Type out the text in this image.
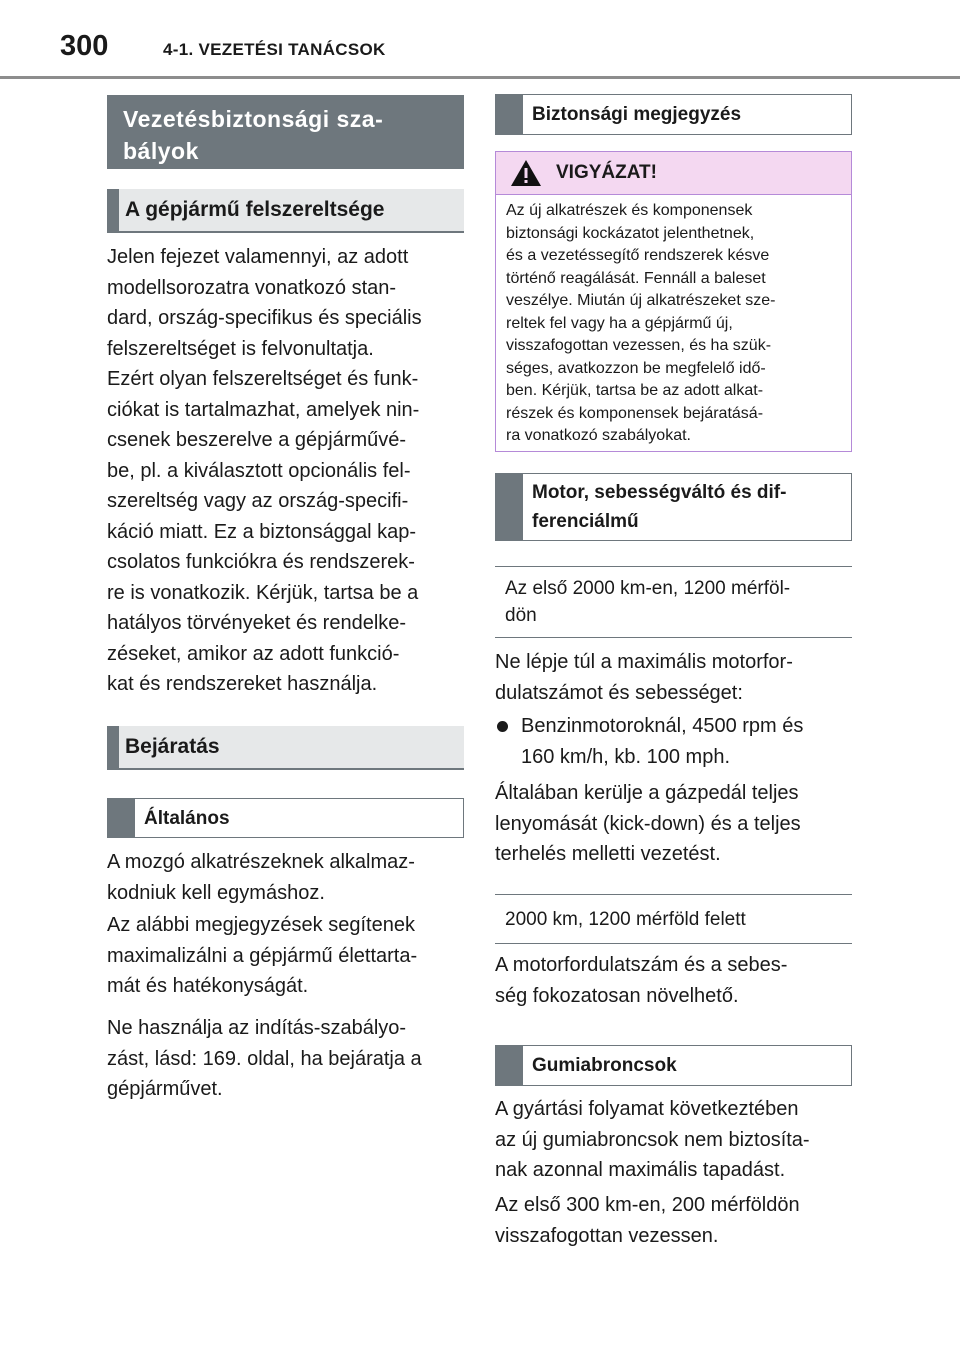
300	4-1. VEZETÉSI TANÁCSOK
Vezetésbiztonsági sza-
bályok
A gépjármű felszereltsége
Jelen fejezet valamennyi, az adott
modellsorozatra vonatkozó stan-
dard, ország-specifikus és speciális
felszereltséget is felvonultatja.
Ezért olyan felszereltséget és funk-
ciókat is tartalmazhat, amelyek nin-
csenek beszerelve a gépjárművé-
be, pl. a kiválasztott opcionális fel-
szereltség vagy az ország-specifi-
káció miatt. Ez a biztonsággal kap-
csolatos funkciókra és rendszerek-
re is vonatkozik. Kérjük, tartsa be a
hatályos törvényeket és rendelke-
zéseket, amikor az adott funkció-
kat és rendszereket használja.
Bejáratás
Általános
A mozgó alkatrészeknek alkalmaz-
kodniuk kell egymáshoz.
Az alábbi megjegyzések segítenek
maximalizálni a gépjármű élettarta-
mát és hatékonyságát.
Ne használja az indítás-szabályo-
zást, lásd: 169. oldal, ha bejáratja a
gépjárművet.
Biztonsági megjegyzés
VIGYÁZAT!
Az új alkatrészek és komponensek
biztonsági kockázatot jelenthetnek,
és a vezetéssegítő rendszerek késve
történő reagálását. Fennáll a baleset
veszélye. Miután új alkatrészeket sze-
reltek fel vagy ha a gépjármű új,
visszafogottan vezessen, és ha szük-
séges, avatkozzon be megfelelő idő-
ben. Kérjük, tartsa be az adott alkat-
részek és komponensek bejáratásá-
ra vonatkozó szabályokat.
Motor, sebességváltó és dif-
ferenciálmű
Az első 2000 km-en, 1200 mérföl-
dön
Ne lépje túl a maximális motorfor-
dulatszámot és sebességet:
Benzinmotoroknál, 4500 rpm és
160 km/h, kb. 100 mph.
Általában kerülje a gázpedál teljes
lenyomását (kick-down) és a teljes
terhelés melletti vezetést.
2000 km, 1200 mérföld felett
A motorfordulatszám és a sebes-
ség fokozatosan növelhető.
Gumiabroncsok
A gyártási folyamat következtében
az új gumiabroncsok nem biztosíta-
nak azonnal maximális tapadást.
Az első 300 km-en, 200 mérföldön
visszafogottan vezessen.
